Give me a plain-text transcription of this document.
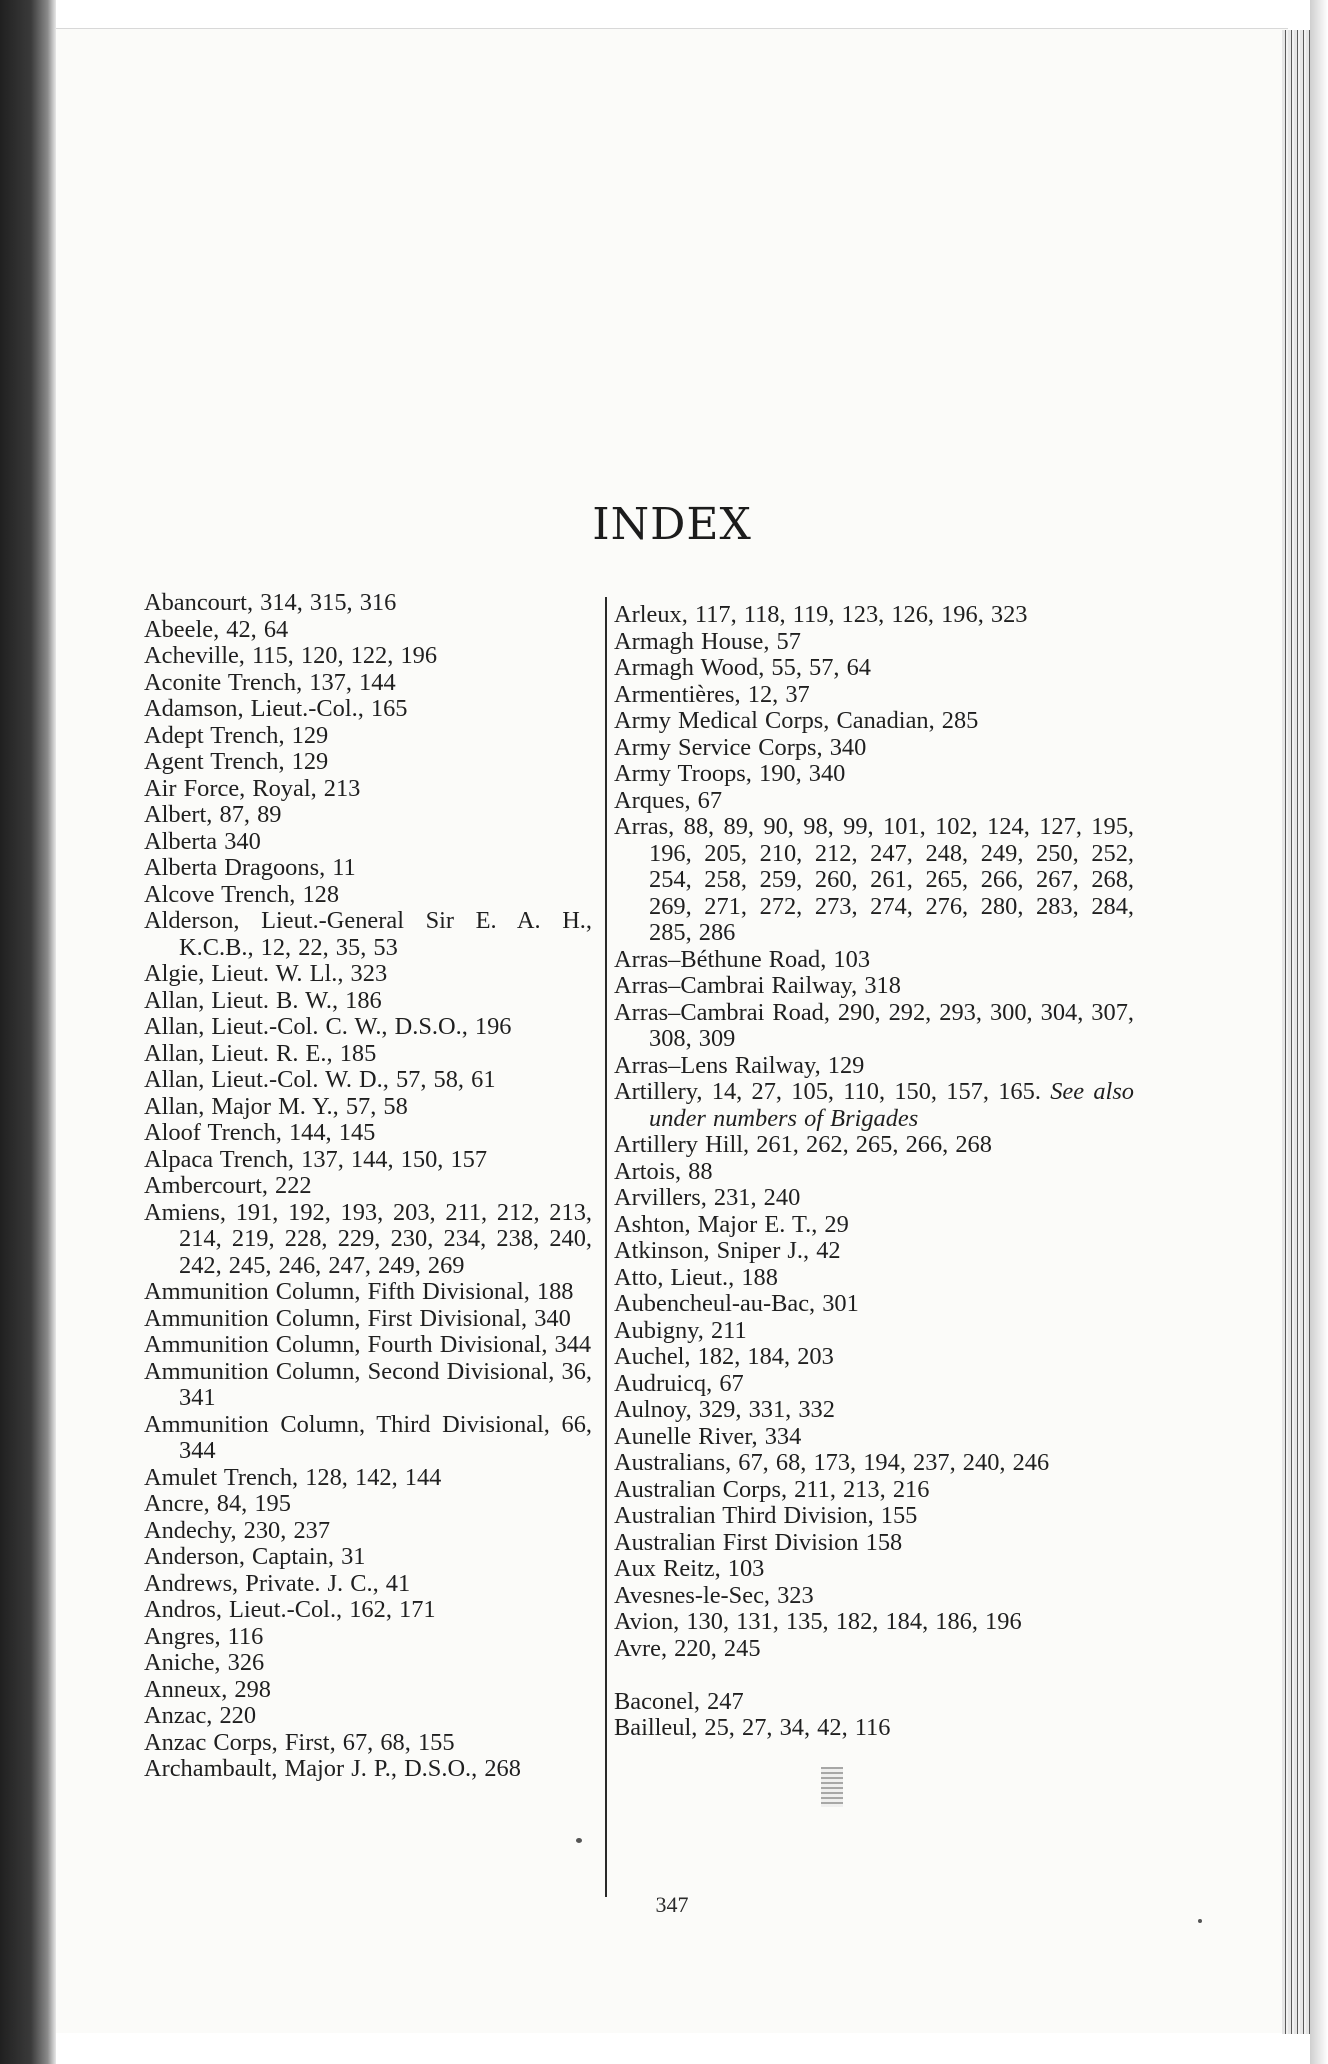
INDEX
Abancourt, 314, 315, 316
Abeele, 42, 64
Acheville, 115, 120, 122, 196
Aconite Trench, 137, 144
Adamson, Lieut.-Col., 165
Adept Trench, 129
Agent Trench, 129
Air Force, Royal, 213
Albert, 87, 89
Alberta 340
Alberta Dragoons, 11
Alcove Trench, 128
Alderson, Lieut.-General Sir E. A. H., K.C.B., 12, 22, 35, 53
Algie, Lieut. W. Ll., 323
Allan, Lieut. B. W., 186
Allan, Lieut.-Col. C. W., D.S.O., 196
Allan, Lieut. R. E., 185
Allan, Lieut.-Col. W. D., 57, 58, 61
Allan, Major M. Y., 57, 58
Aloof Trench, 144, 145
Alpaca Trench, 137, 144, 150, 157
Ambercourt, 222
Amiens, 191, 192, 193, 203, 211, 212, 213, 214, 219, 228, 229, 230, 234, 238, 240, 242, 245, 246, 247, 249, 269
Ammunition Column, Fifth Divisional, 188
Ammunition Column, First Divisional, 340
Ammunition Column, Fourth Divisional, 344
Ammunition Column, Second Divisional, 36, 341
Ammunition Column, Third Divisional, 66, 344
Amulet Trench, 128, 142, 144
Ancre, 84, 195
Andechy, 230, 237
Anderson, Captain, 31
Andrews, Private. J. C., 41
Andros, Lieut.-Col., 162, 171
Angres, 116
Aniche, 326
Anneux, 298
Anzac, 220
Anzac Corps, First, 67, 68, 155
Archambault, Major J. P., D.S.O., 268
Arleux, 117, 118, 119, 123, 126, 196, 323
Armagh House, 57
Armagh Wood, 55, 57, 64
Armentières, 12, 37
Army Medical Corps, Canadian, 285
Army Service Corps, 340
Army Troops, 190, 340
Arques, 67
Arras, 88, 89, 90, 98, 99, 101, 102, 124, 127, 195, 196, 205, 210, 212, 247, 248, 249, 250, 252, 254, 258, 259, 260, 261, 265, 266, 267, 268, 269, 271, 272, 273, 274, 276, 280, 283, 284, 285, 286
Arras–Béthune Road, 103
Arras–Cambrai Railway, 318
Arras–Cambrai Road, 290, 292, 293, 300, 304, 307, 308, 309
Arras–Lens Railway, 129
Artillery, 14, 27, 105, 110, 150, 157, 165. See also under numbers of Brigades
Artillery Hill, 261, 262, 265, 266, 268
Artois, 88
Arvillers, 231, 240
Ashton, Major E. T., 29
Atkinson, Sniper J., 42
Atto, Lieut., 188
Aubencheul-au-Bac, 301
Aubigny, 211
Auchel, 182, 184, 203
Audruicq, 67
Aulnoy, 329, 331, 332
Aunelle River, 334
Australians, 67, 68, 173, 194, 237, 240, 246
Australian Corps, 211, 213, 216
Australian Third Division, 155
Australian First Division 158
Aux Reitz, 103
Avesnes-le-Sec, 323
Avion, 130, 131, 135, 182, 184, 186, 196
Avre, 220, 245
Baconel, 247
Bailleul, 25, 27, 34, 42, 116
347
